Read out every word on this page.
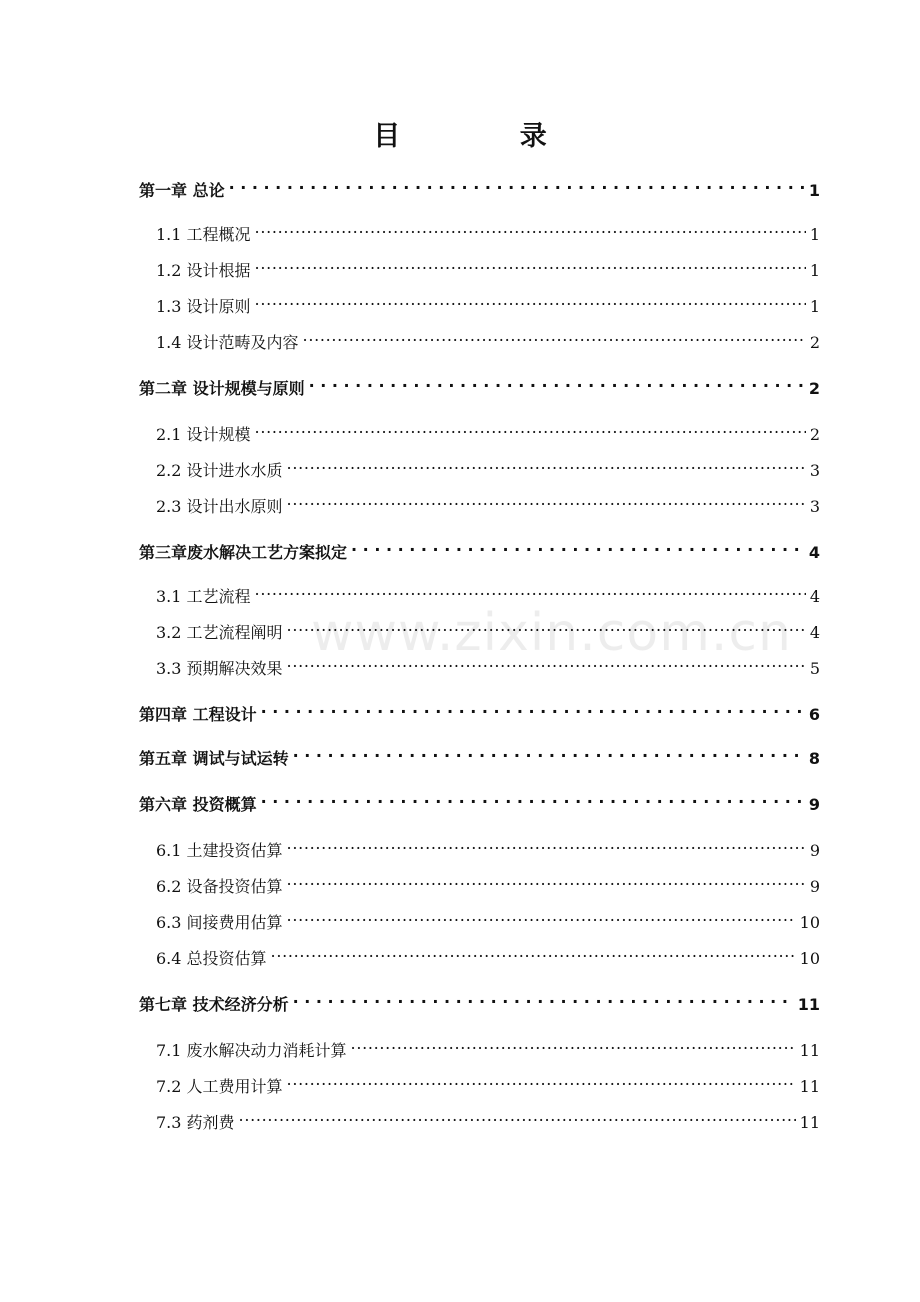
目 录
第一章 总论 . . .	1
1.1 工程概况 . . .	1
1.2 设计根据 . . .	1
1.3 设计原则 . . .	1
1.4 设计范畴及内容 . . .	2
第二章 设计规模与原则 . . .	2
2.1 设计规模 . . .	2
2.2 设计进水水质 . . .	3
2.3 设计出水原则 . . .	3
第三章废水解决工艺方案拟定 . . .	4
3.1 工艺流程 . . .	4
3.2 工艺流程阐明 . . .	4
3.3 预期解决效果 . . .	5
第四章 工程设计 . . .	6
第五章 调试与试运转 . . .	8
第六章 投资概算 . . .	9
6.1 土建投资估算 . . .	9
6.2 设备投资估算 . . .	9
6.3 间接费用估算 . . .	10
6.4 总投资估算 . . .	10
第七章 技术经济分析 . . .	11
7.1 废水解决动力消耗计算 . . .	11
7.2 人工费用计算 . . .	11
7.3 药剂费 . . .	11
www.zixin.com.cn
